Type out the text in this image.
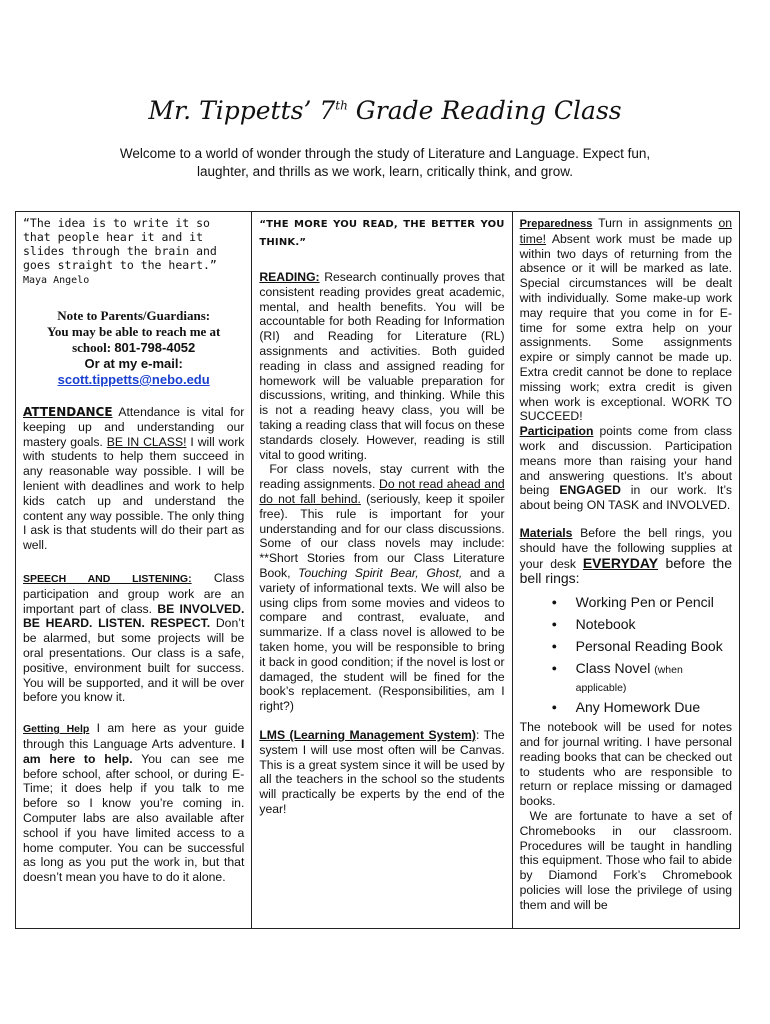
Mr. Tippetts’ 7th Grade Reading Class
Welcome to a world of wonder through the study of Literature and Language. Expect fun, laughter, and thrills as we work, learn, critically think, and grow.

“The idea is to write it so that people hear it and it slides through the brain and goes straight to the heart.” Maya Angelo

Note to Parents/Guardians:
You may be able to reach me at
school: 801-798-4052
Or at my e-mail:
scott.tippetts@nebo.edu

ATTENDANCE Attendance is vital for keeping up and understanding our mastery goals. BE IN CLASS! I will work with students to help them succeed in any reasonable way possible. I will be lenient with deadlines and work to help kids catch up and understand the content any way possible. The only thing I ask is that students will do their part as well.

SPEECH AND LISTENING: Class participation and group work are an important part of class. BE INVOLVED. BE HEARD. LISTEN. RESPECT. Don’t be alarmed, but some projects will be oral presentations. Our class is a safe, positive, environment built for success. You will be supported, and it will be over before you know it.

Getting Help I am here as your guide through this Language Arts adventure. I am here to help. You can see me before school, after school, or during E-Time; it does help if you talk to me before so I know you’re coming in. Computer labs are also available after school if you have limited access to a home computer. You can be successful as long as you put the work in, but that doesn’t mean you have to do it alone.

“THE MORE YOU READ, THE BETTER YOU THINK.”

READING: Research continually proves that consistent reading provides great academic, mental, and health benefits. You will be accountable for both Reading for Information (RI) and Reading for Literature (RL) assignments and activities. Both guided reading in class and assigned reading for homework will be valuable preparation for discussions, writing, and thinking. While this is not a reading heavy class, you will be taking a reading class that will focus on these standards closely. However, reading is still vital to good writing.

For class novels, stay current with the reading assignments. Do not read ahead and do not fall behind. (seriously, keep it spoiler free). This rule is important for your understanding and for our class discussions. Some of our class novels may include: **Short Stories from our Class Literature Book, Touching Spirit Bear, Ghost, and a variety of informational texts. We will also be using clips from some movies and videos to compare and contrast, evaluate, and summarize. If a class novel is allowed to be taken home, you will be responsible to bring it back in good condition; if the novel is lost or damaged, the student will be fined for the book’s replacement. (Responsibilities, am I right?)

LMS (Learning Management System): The system I will use most often will be Canvas. This is a great system since it will be used by all the teachers in the school so the students will practically be experts by the end of the year!

Preparedness Turn in assignments on time! Absent work must be made up within two days of returning from the absence or it will be marked as late. Special circumstances will be dealt with individually. Some make-up work may require that you come in for E-time for some extra help on your assignments. Some assignments expire or simply cannot be made up. Extra credit cannot be done to replace missing work; extra credit is given when work is exceptional. WORK TO SUCCEED!

Participation points come from class work and discussion. Participation means more than raising your hand and answering questions. It’s about being ENGAGED in our work. It’s about being ON TASK and INVOLVED.

Materials Before the bell rings, you should have the following supplies at your desk EVERYDAY before the bell rings:

● Working Pen or Pencil
● Notebook
● Personal Reading Book
● Class Novel (when applicable)
● Any Homework Due

The notebook will be used for notes and for journal writing. I have personal reading books that can be checked out to students who are responsible to return or replace missing or damaged books.

We are fortunate to have a set of Chromebooks in our classroom. Procedures will be taught in handling this equipment. Those who fail to abide by Diamond Fork’s Chromebook policies will lose the privilege of using them and will be
